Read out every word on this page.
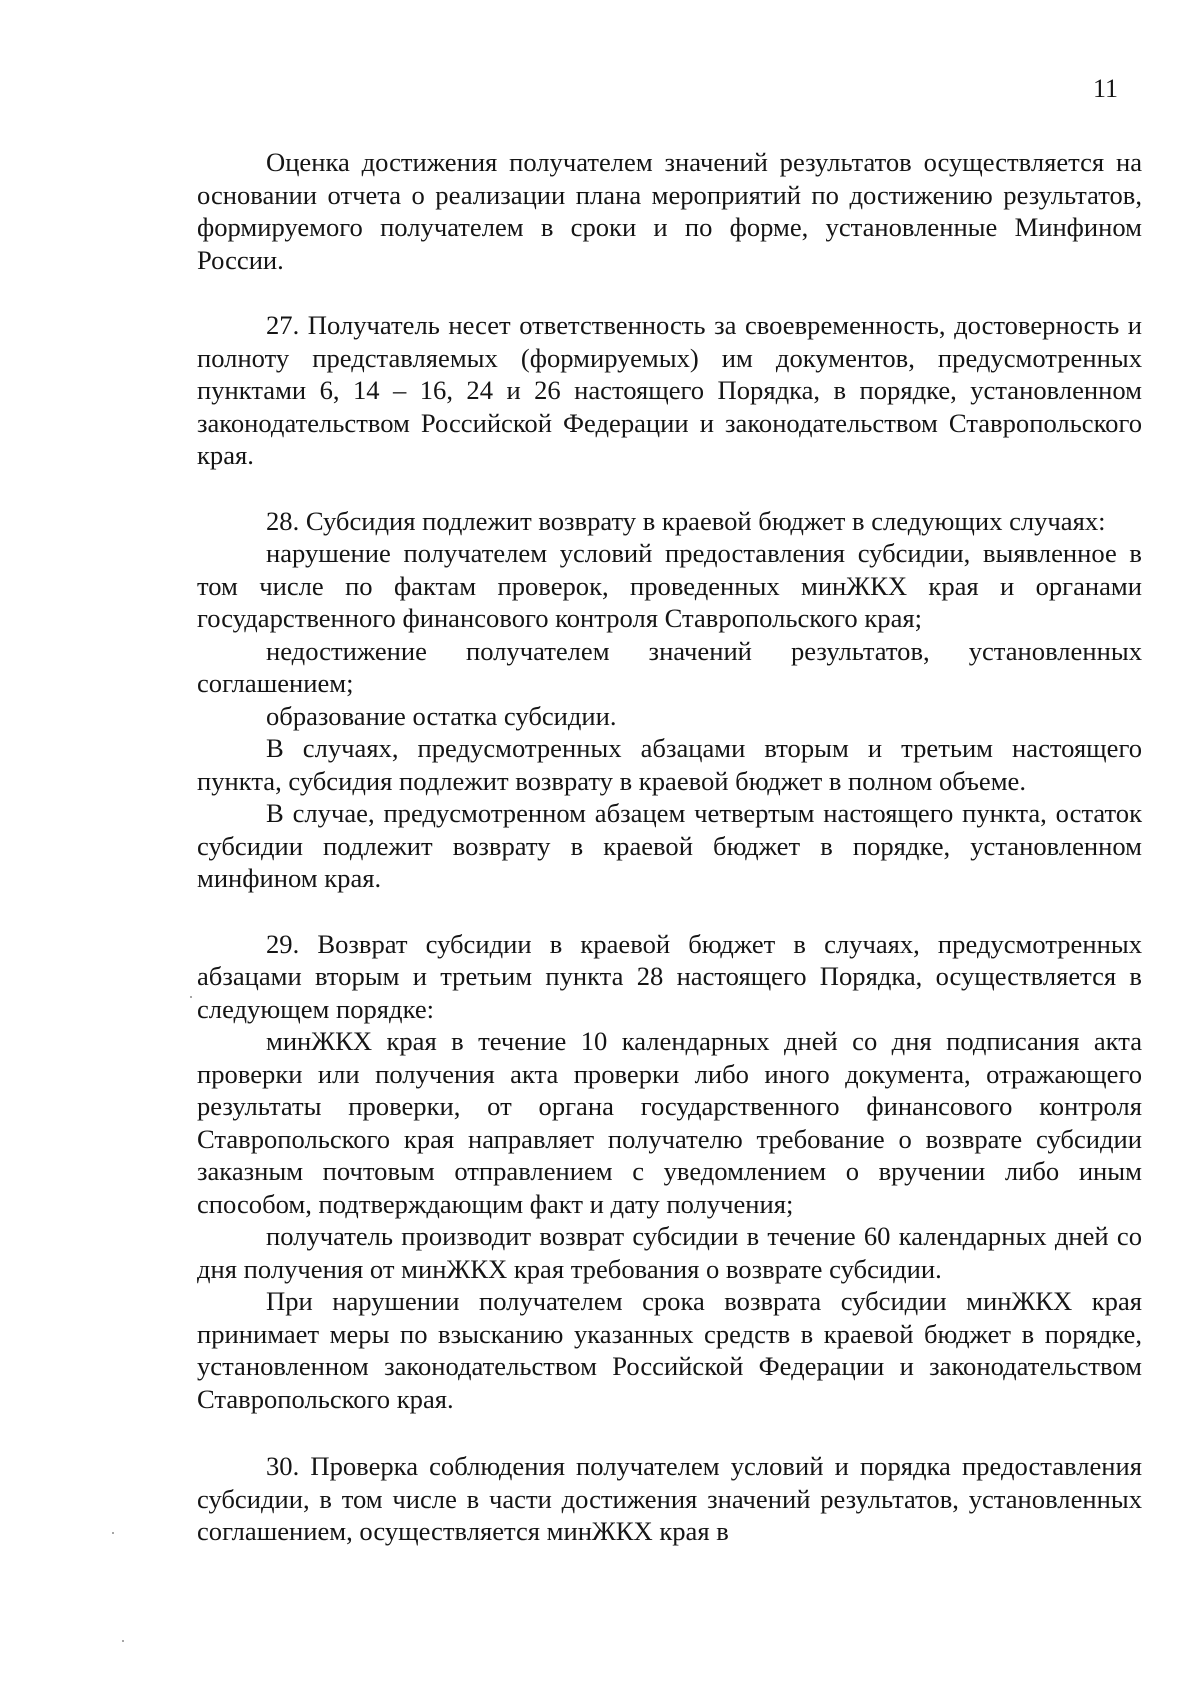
11

Оценка достижения получателем значений результатов осуществляется на основании отчета о реализации плана мероприятий по достижению результатов, формируемого получателем в сроки и по форме, установленные Минфином России.

27. Получатель несет ответственность за своевременность, достоверность и полноту представляемых (формируемых) им документов, предусмотренных пунктами 6, 14 – 16, 24 и 26 настоящего Порядка, в порядке, установленном законодательством Российской Федерации и законодательством Ставропольского края.

28. Субсидия подлежит возврату в краевой бюджет в следующих случаях:

нарушение получателем условий предоставления субсидии, выявленное в том числе по фактам проверок, проведенных минЖКХ края и органами государственного финансового контроля Ставропольского края;

недостижение получателем значений результатов, установленных соглашением;

образование остатка субсидии.

В случаях, предусмотренных абзацами вторым и третьим настоящего пункта, субсидия подлежит возврату в краевой бюджет в полном объеме.

В случае, предусмотренном абзацем четвертым настоящего пункта, остаток субсидии подлежит возврату в краевой бюджет в порядке, установленном минфином края.

29. Возврат субсидии в краевой бюджет в случаях, предусмотренных абзацами вторым и третьим пункта 28 настоящего Порядка, осуществляется в следующем порядке:

минЖКХ края в течение 10 календарных дней со дня подписания акта проверки или получения акта проверки либо иного документа, отражающего результаты проверки, от органа государственного финансового контроля Ставропольского края направляет получателю требование о возврате субсидии заказным почтовым отправлением с уведомлением о вручении либо иным способом, подтверждающим факт и дату получения;

получатель производит возврат субсидии в течение 60 календарных дней со дня получения от минЖКХ края требования о возврате субсидии.

При нарушении получателем срока возврата субсидии минЖКХ края принимает меры по взысканию указанных средств в краевой бюджет в порядке, установленном законодательством Российской Федерации и законодательством Ставропольского края.

30. Проверка соблюдения получателем условий и порядка предоставления субсидии, в том числе в части достижения значений результатов, установленных соглашением, осуществляется минЖКХ края в
